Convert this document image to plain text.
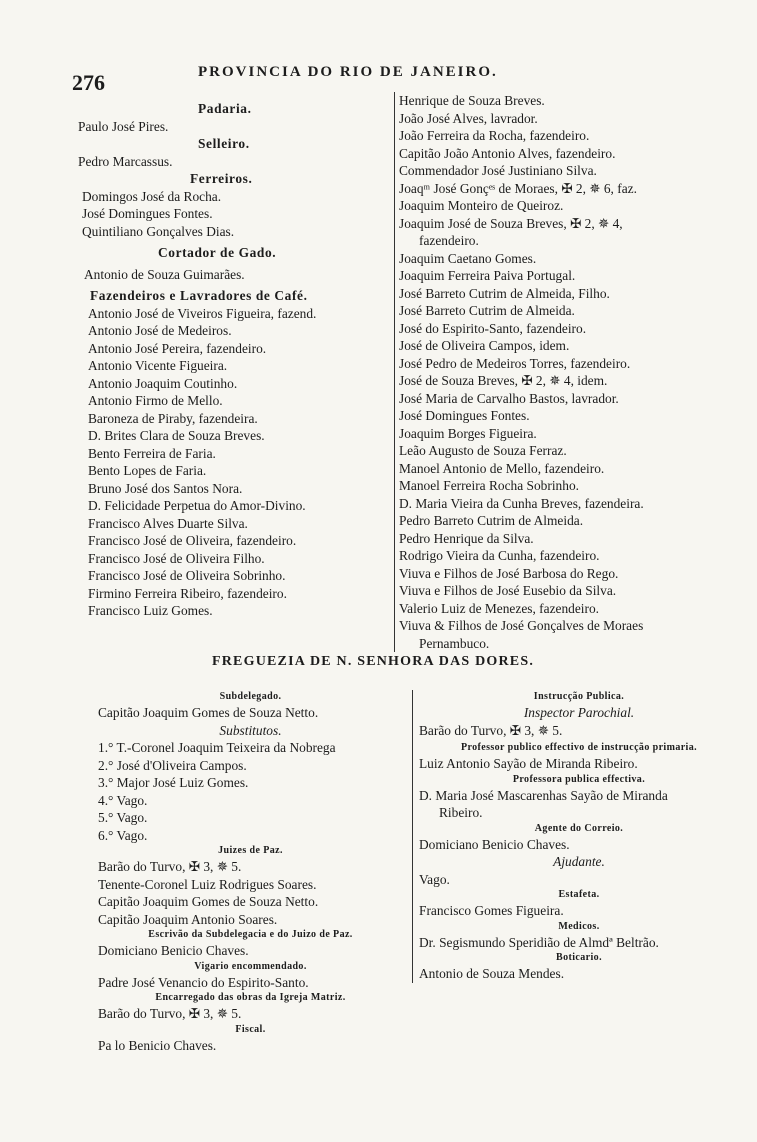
276	PROVINCIA DO RIO DE JANEIRO.
Padaria.
Paulo José Pires.
Selleiro.
Pedro Marcassus.
Ferreiros.
Domingos José da Rocha.
José Domingues Fontes.
Quintiliano Gonçalves Dias.
Cortador de Gado.
Antonio de Souza Guimarães.
Fazendeiros e Lavradores de Café.
Antonio José de Viveiros Figueira, fazend.
Antonio José de Medeiros.
Antonio José Pereira, fazendeiro.
Antonio Vicente Figueira.
Antonio Joaquim Coutinho.
Antonio Firmo de Mello.
Baroneza de Piraby, fazendeira.
D. Brites Clara de Souza Breves.
Bento Ferreira de Faria.
Bento Lopes de Faria.
Bruno José dos Santos Nora.
D. Felicidade Perpetua do Amor-Divino.
Francisco Alves Duarte Silva.
Francisco José de Oliveira, fazendeiro.
Francisco José de Oliveira Filho.
Francisco José de Oliveira Sobrinho.
Firmino Ferreira Ribeiro, fazendeiro.
Francisco Luiz Gomes.
Henrique de Souza Breves.
João José Alves, lavrador.
João Ferreira da Rocha, fazendeiro.
Capitão João Antonio Alves, fazendeiro.
Commendador José Justiniano Silva.
Joaqᵐ José Gonçᵉˢ de Moraes, ✠ 2, ✵ 6, faz.
Joaquim Monteiro de Queiroz.
Joaquim José de Souza Breves, ✠ 2, ✵ 4,
fazendeiro.
Joaquim Caetano Gomes.
Joaquim Ferreira Paiva Portugal.
José Barreto Cutrim de Almeida, Filho.
José Barreto Cutrim de Almeida.
José do Espirito-Santo, fazendeiro.
José de Oliveira Campos, idem.
José Pedro de Medeiros Torres, fazendeiro.
José de Souza Breves, ✠ 2, ✵ 4, idem.
José Maria de Carvalho Bastos, lavrador.
José Domingues Fontes.
Joaquim Borges Figueira.
Leão Augusto de Souza Ferraz.
Manoel Antonio de Mello, fazendeiro.
Manoel Ferreira Rocha Sobrinho.
D. Maria Vieira da Cunha Breves, fazendeira.
Pedro Barreto Cutrim de Almeida.
Pedro Henrique da Silva.
Rodrigo Vieira da Cunha, fazendeiro.
Viuva e Filhos de José Barbosa do Rego.
Viuva e Filhos de José Eusebio da Silva.
Valerio Luiz de Menezes, fazendeiro.
Viuva & Filhos de José Gonçalves de Moraes
Pernambuco.
FREGUEZIA DE N. SENHORA DAS DORES.
Subdelegado.
Capitão Joaquim Gomes de Souza Netto.
Substitutos.
1.° T.-Coronel Joaquim Teixeira da Nobrega
2.° José d'Oliveira Campos.
3.° Major José Luiz Gomes.
4.° Vago.
5.° Vago.
6.° Vago.
Juizes de Paz.
Barão do Turvo, ✠ 3, ✵ 5.
Tenente-Coronel Luiz Rodrigues Soares.
Capitão Joaquim Gomes de Souza Netto.
Capitão Joaquim Antonio Soares.
Escrivão da Subdelegacia e do Juizo de Paz.
Domiciano Benicio Chaves.
Vigario encommendado.
Padre José Venancio do Espirito-Santo.
Encarregado das obras da Igreja Matriz.
Barão do Turvo, ✠ 3, ✵ 5.
Fiscal.
Pa lo Benicio Chaves.
Instrucção Publica.
Inspector Parochial.
Barão do Turvo, ✠ 3, ✵ 5.
Professor publico effectivo de instrucção primaria.
Luiz Antonio Sayão de Miranda Ribeiro.
Professora publica effectiva.
D. Maria José Mascarenhas Sayão de Miranda
Ribeiro.
Agente do Correio.
Domiciano Benicio Chaves.
Ajudante.
Vago.
Estafeta.
Francisco Gomes Figueira.
Medicos.
Dr. Segismundo Speridião de Almdª Beltrão.
Boticario.
Antonio de Souza Mendes.
